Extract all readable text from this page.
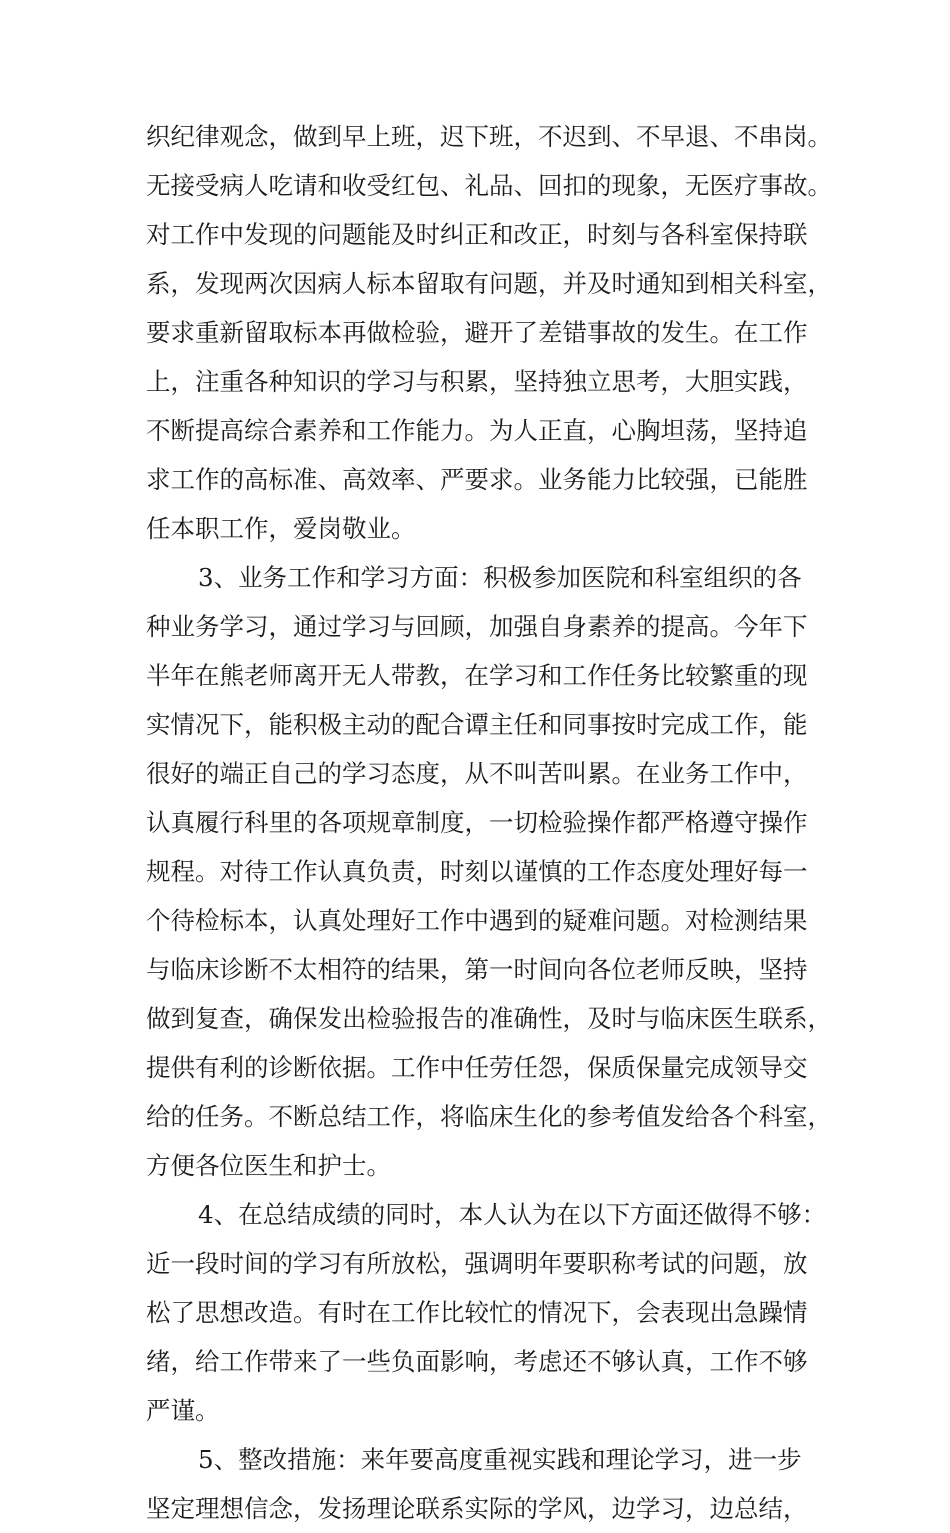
织纪律观念，做到早上班，迟下班，不迟到、不早退、不串岗。
无接受病人吃请和收受红包、礼品、回扣的现象，无医疗事故。
对工作中发现的问题能及时纠正和改正，时刻与各科室保持联
系，发现两次因病人标本留取有问题，并及时通知到相关科室，
要求重新留取标本再做检验，避开了差错事故的发生。在工作
上，注重各种知识的学习与积累，坚持独立思考，大胆实践，
不断提高综合素养和工作能力。为人正直，心胸坦荡，坚持追
求工作的高标准、高效率、严要求。业务能力比较强，已能胜
任本职工作，爱岗敬业。
3、业务工作和学习方面：积极参加医院和科室组织的各
种业务学习，通过学习与回顾，加强自身素养的提高。今年下
半年在熊老师离开无人带教，在学习和工作任务比较繁重的现
实情况下，能积极主动的配合谭主任和同事按时完成工作，能
很好的端正自己的学习态度，从不叫苦叫累。在业务工作中，
认真履行科里的各项规章制度，一切检验操作都严格遵守操作
规程。对待工作认真负责，时刻以谨慎的工作态度处理好每一
个待检标本，认真处理好工作中遇到的疑难问题。对检测结果
与临床诊断不太相符的结果，第一时间向各位老师反映，坚持
做到复查，确保发出检验报告的准确性，及时与临床医生联系，
提供有利的诊断依据。工作中任劳任怨，保质保量完成领导交
给的任务。不断总结工作，将临床生化的参考值发给各个科室，
方便各位医生和护士。
4、在总结成绩的同时，本人认为在以下方面还做得不够：
近一段时间的学习有所放松，强调明年要职称考试的问题，放
松了思想改造。有时在工作比较忙的情况下，会表现出急躁情
绪，给工作带来了一些负面影响，考虑还不够认真，工作不够
严谨。
5、整改措施：来年要高度重视实践和理论学习，进一步
坚定理想信念，发扬理论联系实际的学风，边学习，边总结，
